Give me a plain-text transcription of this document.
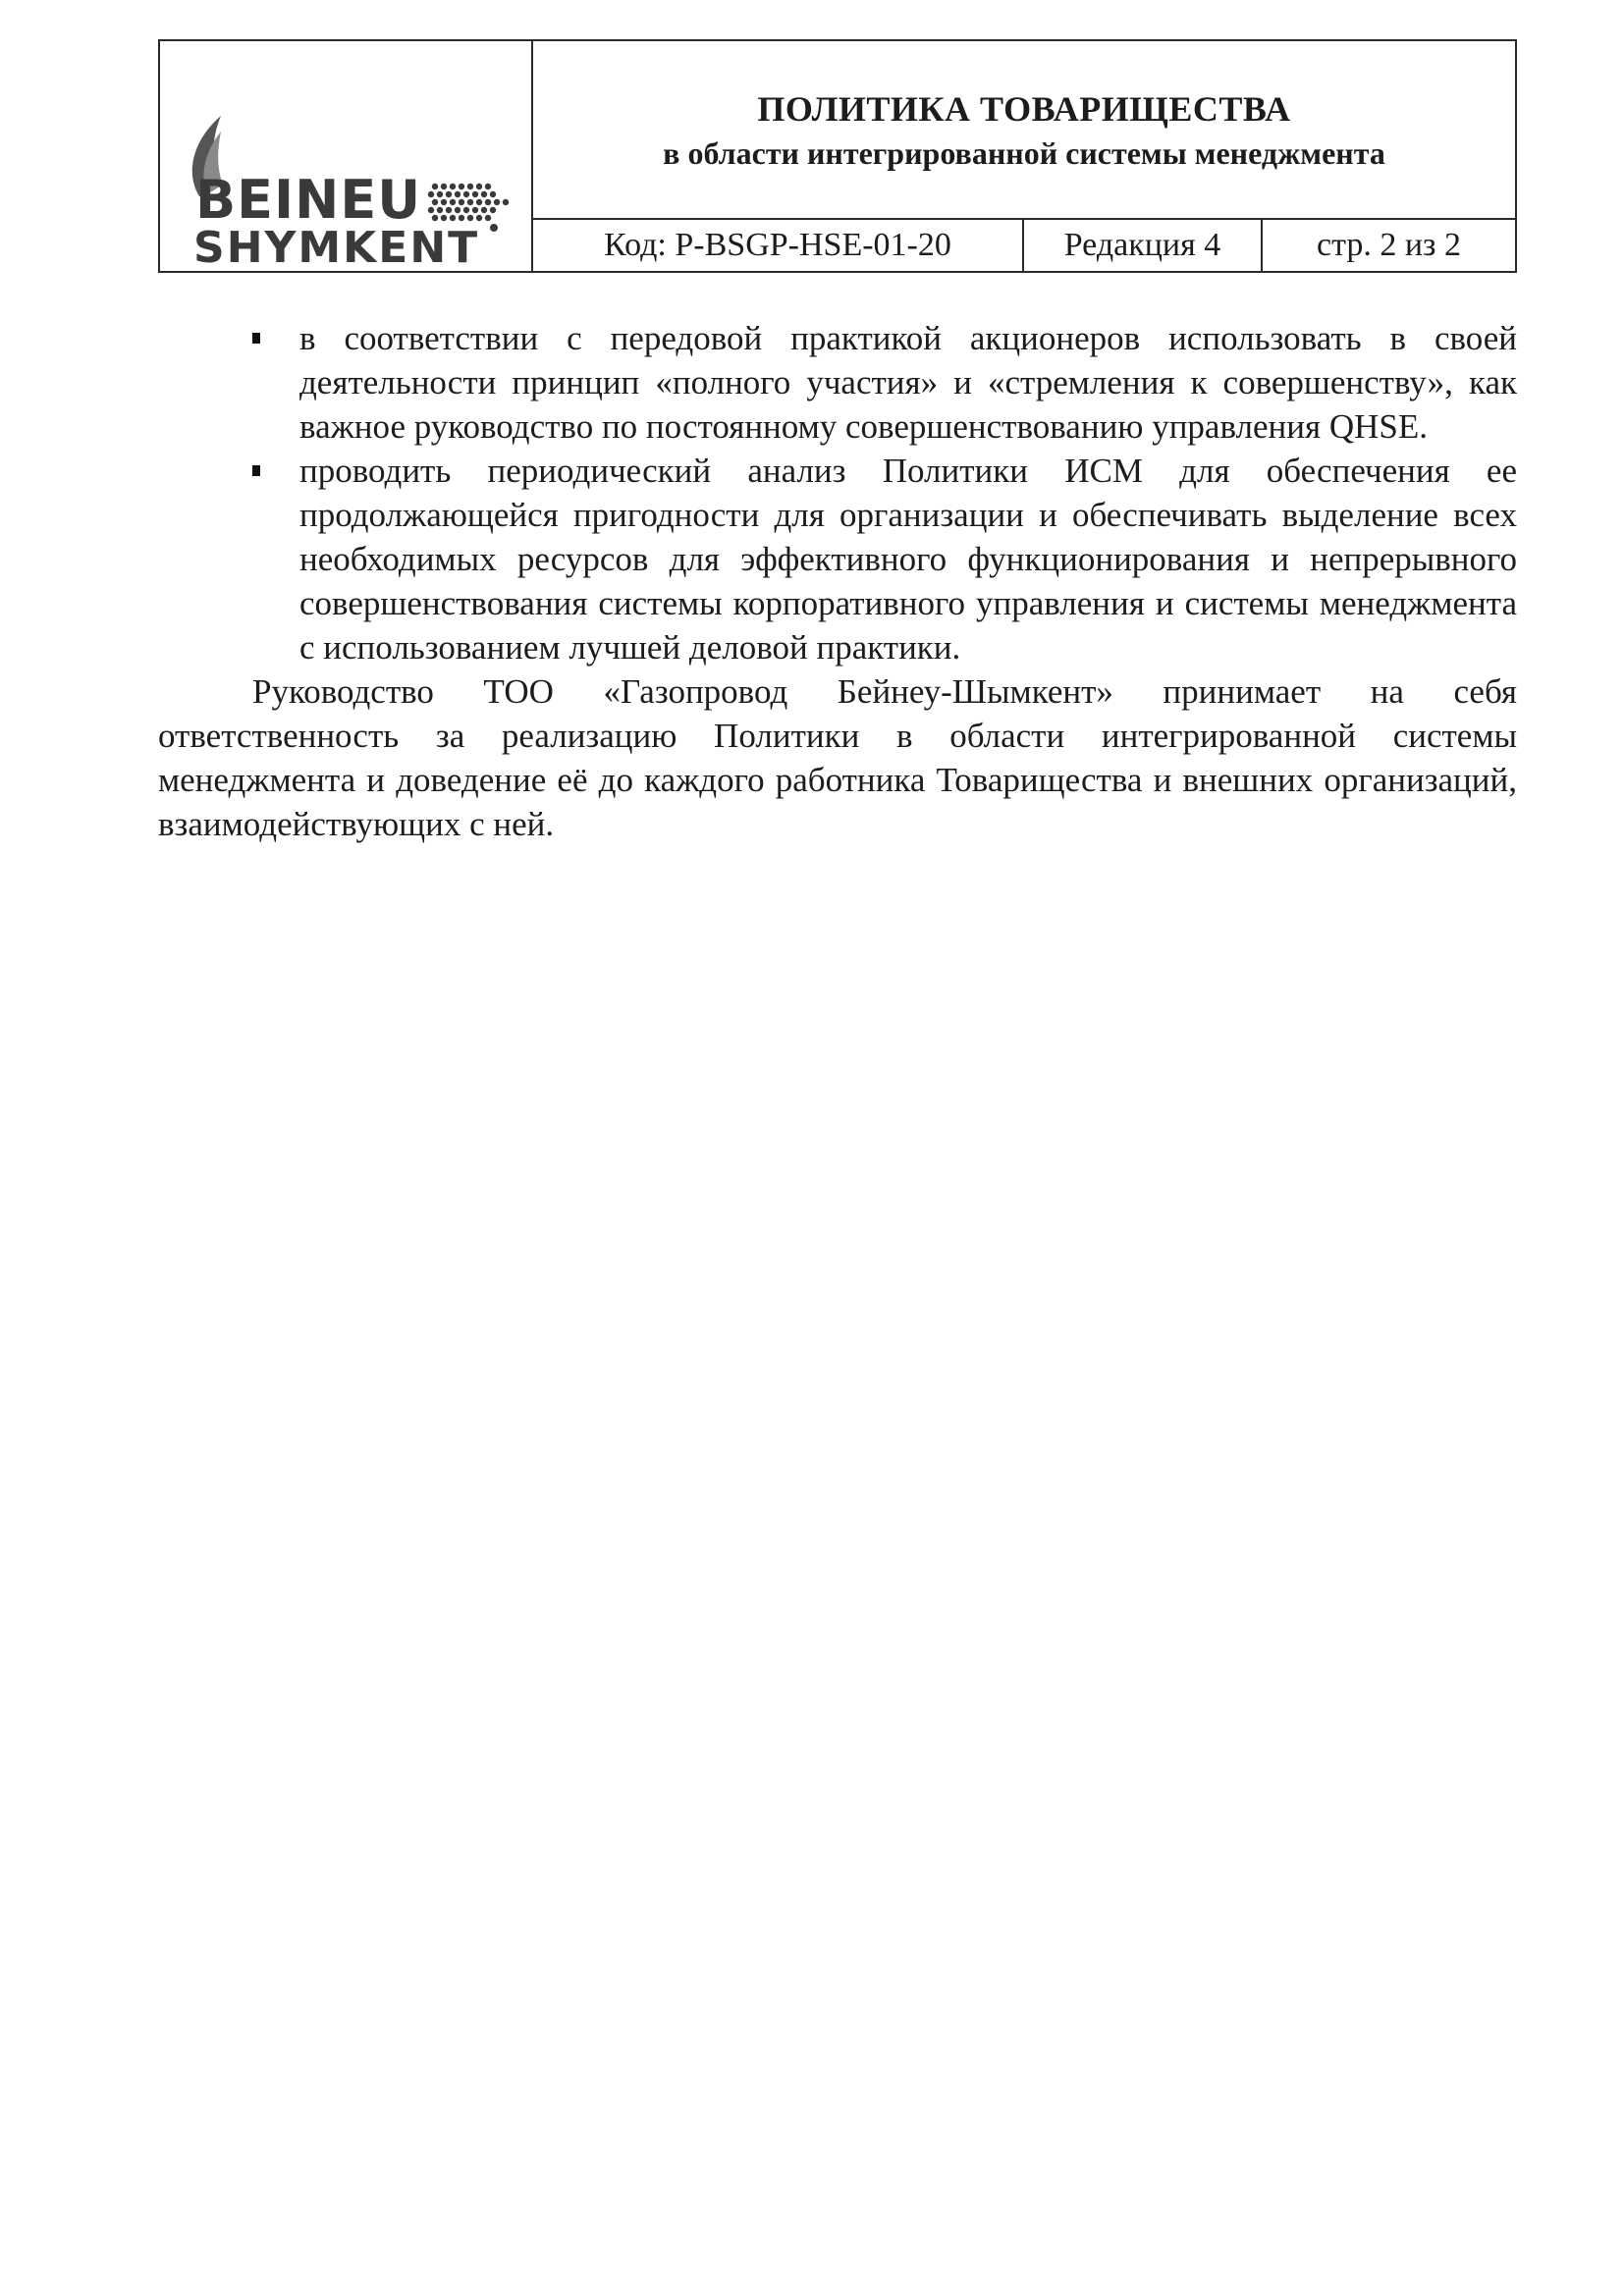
BEINEU
SHYMKENT
ПОЛИТИКА ТОВАРИЩЕСТВА
в области интегрированной системы менеджмента
Код: P-BSGP-HSE-01-20	Редакция 4	стр. 2 из 2
в соответствии с передовой практикой акционеров использовать в своей деятельности принцип «полного участия» и «стремления к совершенству», как важное руководство по постоянному совершенствованию управления QHSE.
проводить периодический анализ Политики ИСМ для обеспечения ее продолжающейся пригодности для организации и обеспечивать выделение всех необходимых ресурсов для эффективного функционирования и непрерывного совершенствования системы корпоративного управления и системы менеджмента с использованием лучшей деловой практики.

Руководство ТОО «Газопровод Бейнеу-Шымкент» принимает на себя ответственность за реализацию Политики в области интегрированной системы менеджмента и доведение её до каждого работника Товарищества и внешних организаций, взаимодействующих с ней.
